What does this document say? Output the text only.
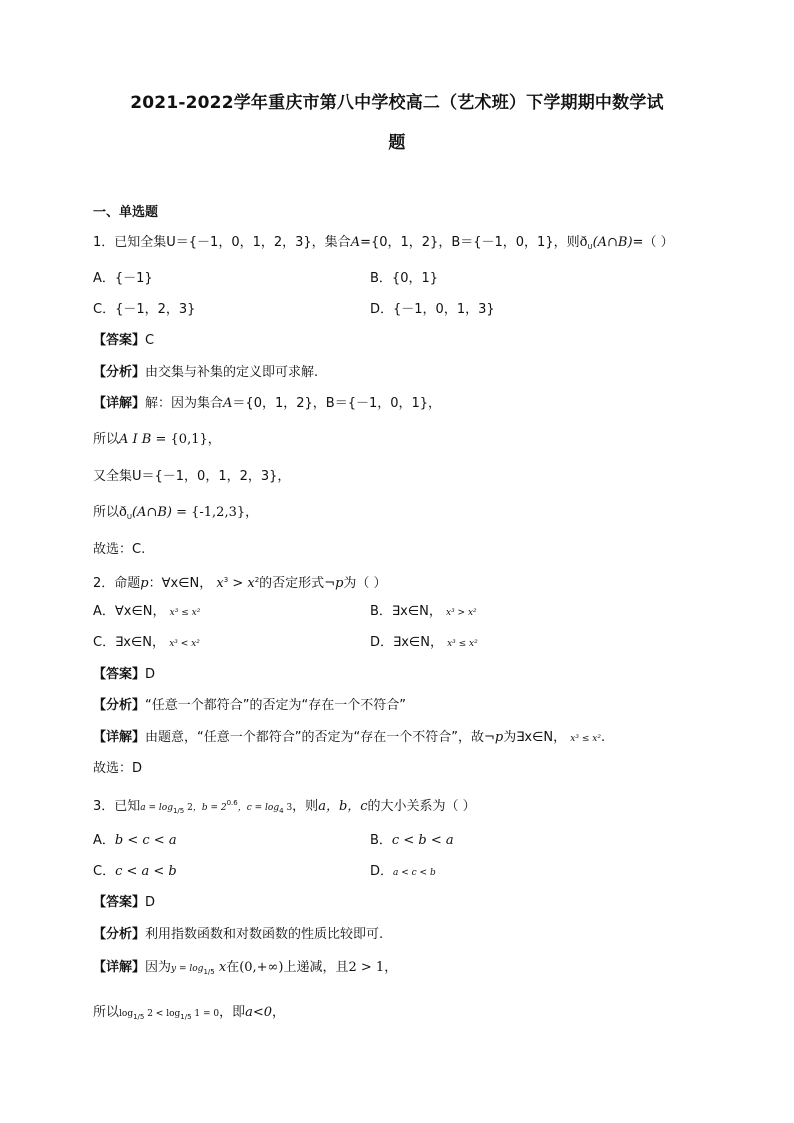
2021-2022学年重庆市第八中学校高二（艺术班）下学期期中数学试
题
一、单选题
1．已知全集U＝{－1，0，1，2，3}，集合A={0，1，2}，B＝{－1，0，1}，则$ð_U(A\cap B)=$（ ）
A．{－1}	B．{0，1}
C．{－1，2，3}	D．{－1，0，1，3}
【答案】C
【分析】由交集与补集的定义即可求解.
【详解】解：因为集合A＝{0，1，2}，B＝{－1，0，1}，
所以A I B = {0,1}，
又全集U＝{－1，0，1，2，3}，
所以$ð_U(A\cap B) = \{-1,2,3\}$，
故选：C.
2．命题p：∀x∈N， $x^3 > x^2$的否定形式¬p为（ ）
A．∀x∈N， x³ ≤ x²	B．∃x∈N， x³ > x²
C．∃x∈N， x³ < x²	D．∃x∈N， x³ ≤ x²
【答案】D
【分析】“任意一个都符合”的否定为“存在一个不符合”
【详解】由题意，“任意一个都符合”的否定为“存在一个不符合”，故¬p为∃x∈N， x³ ≤ x².
故选：D
3．已知$a = \log_{1/5} 2$，$b = 2^{0.6}$，$c = \log_4 3$，则a，b，c的大小关系为（ ）
A．b < c < a	B．c < b < a
C．c < a < b	D．a < c < b
【答案】D
【分析】利用指数函数和对数函数的性质比较即可.
【详解】因为$y = \log_{1/5} x$在(0,+∞)上递减，且2 > 1，
所以$\log_{1/5} 2 < \log_{1/5} 1 = 0$，即a<0，
